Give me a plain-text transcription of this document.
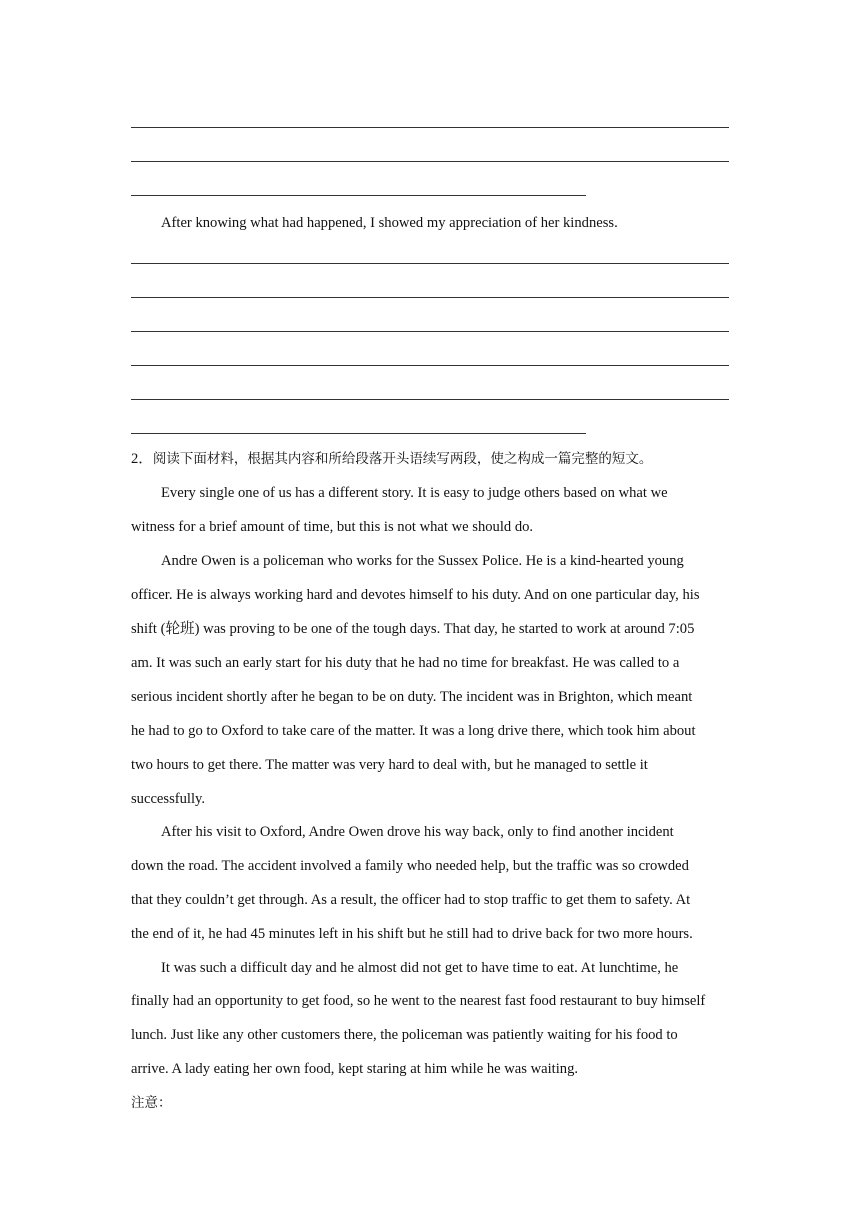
After knowing what had happened, I showed my appreciation of her kindness.
2．阅读下面材料，根据其内容和所给段落开头语续写两段，使之构成一篇完整的短文。
Every single one of us has a different story. It is easy to judge others based on what we
witness for a brief amount of time, but this is not what we should do.
Andre Owen is a policeman who works for the Sussex Police. He is a kind-hearted young
officer. He is always working hard and devotes himself to his duty. And on one particular day, his
shift (轮班) was proving to be one of the tough days. That day, he started to work at around 7:05
am. It was such an early start for his duty that he had no time for breakfast. He was called to a
serious incident shortly after he began to be on duty. The incident was in Brighton, which meant
he had to go to Oxford to take care of the matter. It was a long drive there, which took him about
two hours to get there. The matter was very hard to deal with, but he managed to settle it
successfully.
After his visit to Oxford, Andre Owen drove his way back, only to find another incident
down the road. The accident involved a family who needed help, but the traffic was so crowded
that they couldn’t get through. As a result, the officer had to stop traffic to get them to safety. At
the end of it, he had 45 minutes left in his shift but he still had to drive back for two more hours.
It was such a difficult day and he almost did not get to have time to eat. At lunchtime, he
finally had an opportunity to get food, so he went to the nearest fast food restaurant to buy himself
lunch. Just like any other customers there, the policeman was patiently waiting for his food to
arrive. A lady eating her own food, kept staring at him while he was waiting.
注意：
